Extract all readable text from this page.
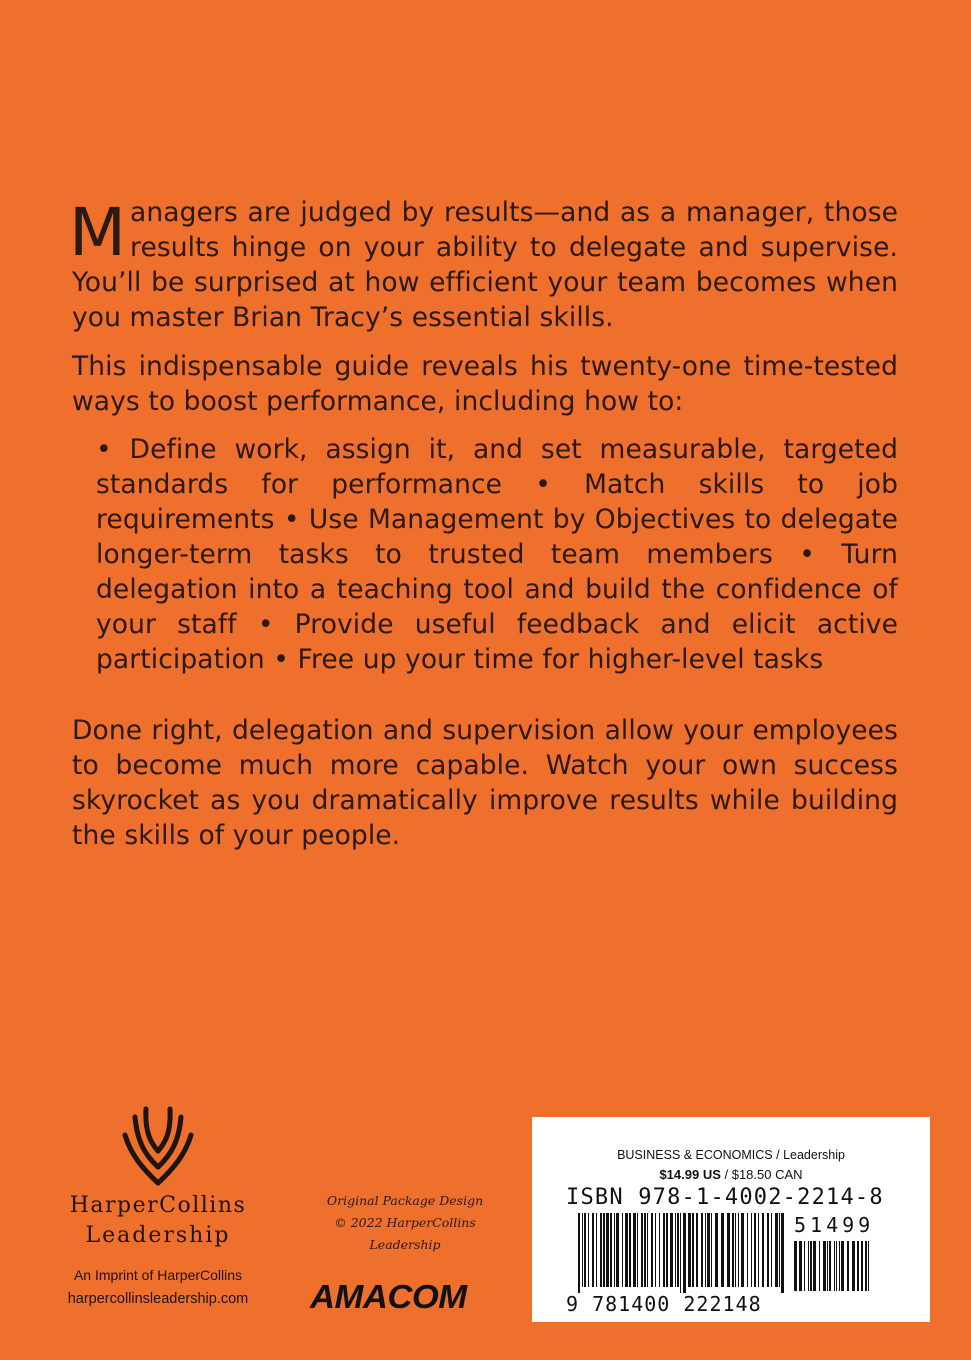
Managers are judged by results—and as a manager, those results hinge on your ability to delegate and supervise. You’ll be surprised at how efficient your team becomes when you master Brian Tracy’s essential skills.

This indispensable guide reveals his twenty-one time-tested ways to boost performance, including how to:

• Define work, assign it, and set measurable, targeted standards for performance • Match skills to job requirements • Use Management by Objectives to delegate longer-term tasks to trusted team members • Turn delegation into a teaching tool and build the confidence of your staff • Provide useful feedback and elicit active participation • Free up your time for higher-level tasks

Done right, delegation and supervision allow your employees to become much more capable. Watch your own success skyrocket as you dramatically improve results while building the skills of your people.

HarperCollins
Leadership
An Imprint of HarperCollins
harpercollinsleadership.com
Original Package Design
© 2022 HarperCollins Leadership
AMACOM
BUSINESS & ECONOMICS / Leadership
$14.99 US / $18.50 CAN
ISBN 978-1-4002-2214-8
51499
9 781400 222148
